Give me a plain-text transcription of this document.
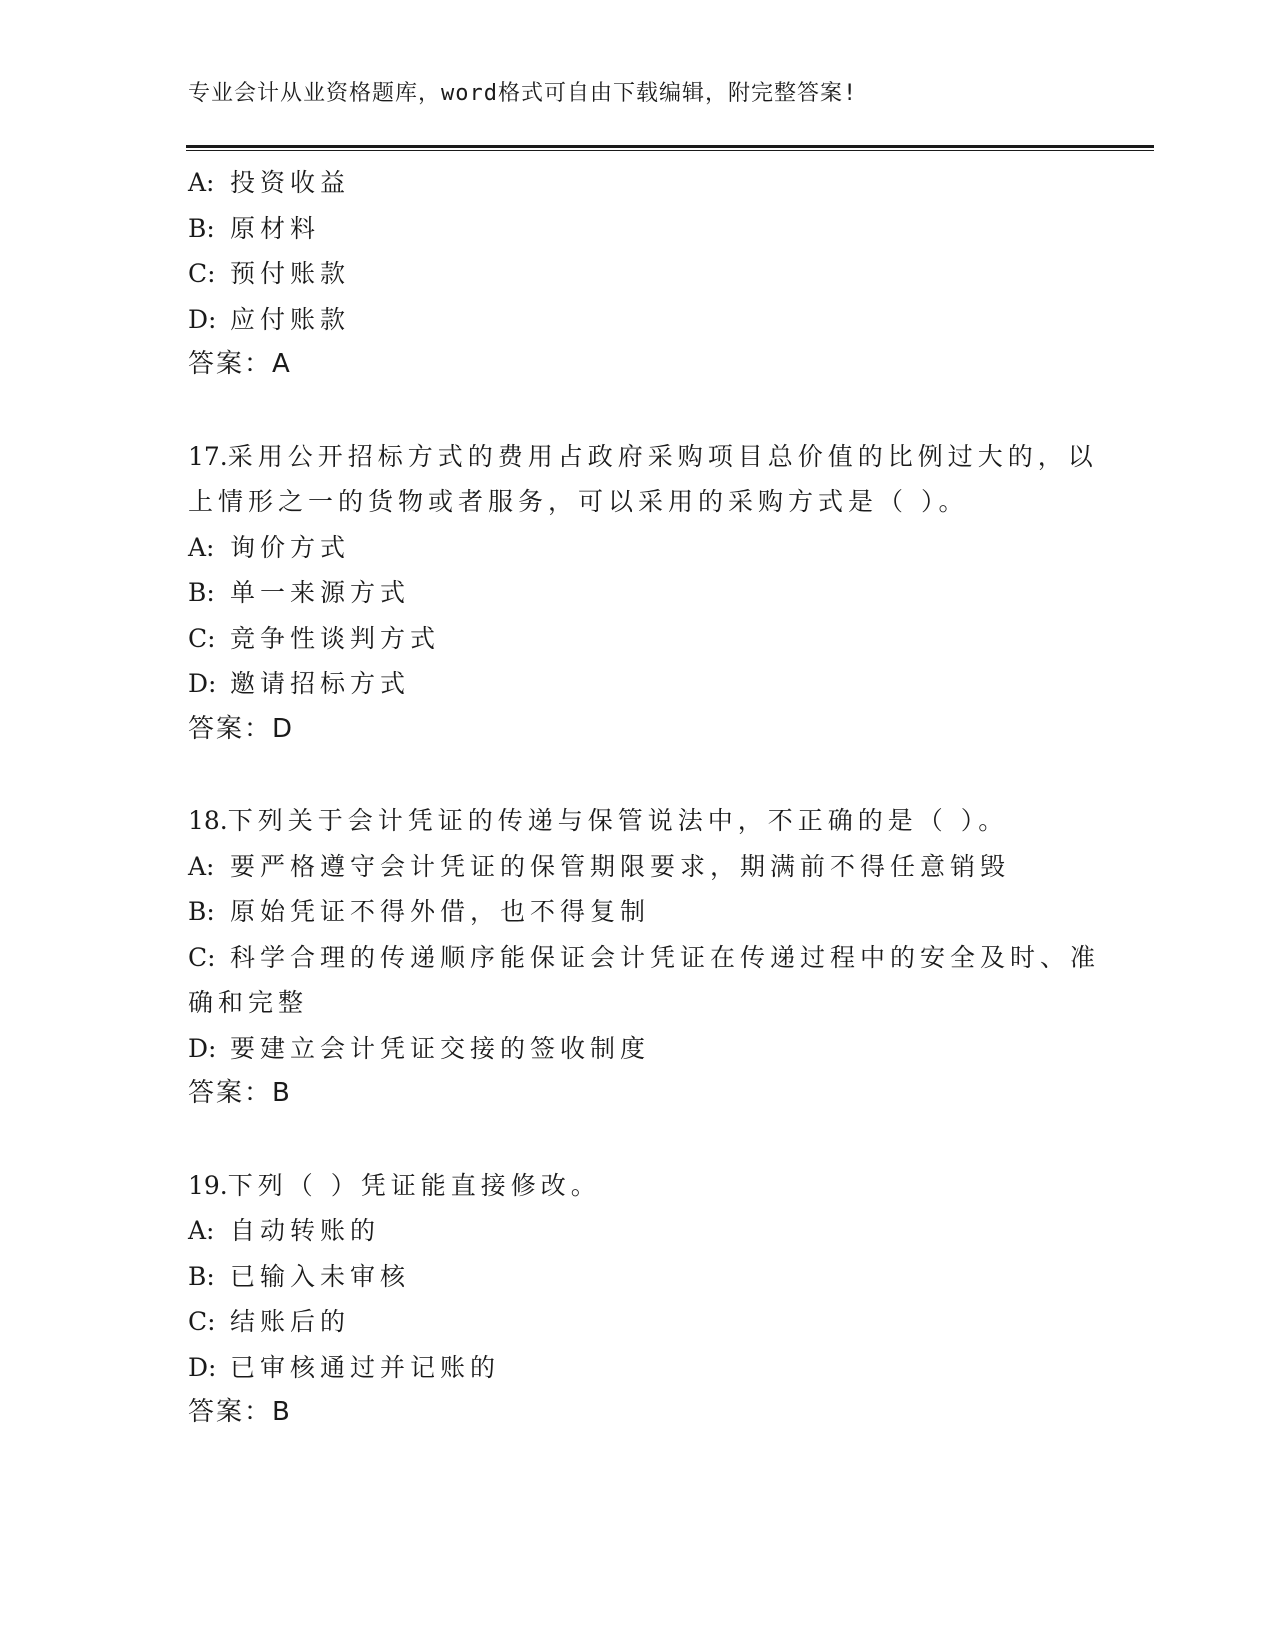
专业会计从业资格题库，word格式可自由下载编辑，附完整答案!
A: 投资收益
B: 原材料
C: 预付账款
D: 应付账款
答案：A
17.采用公开招标方式的费用占政府采购项目总价值的比例过大的，以
上情形之一的货物或者服务，可以采用的采购方式是（ ）。
A: 询价方式
B: 单一来源方式
C: 竞争性谈判方式
D: 邀请招标方式
答案：D
18.下列关于会计凭证的传递与保管说法中，不正确的是（ ）。
A: 要严格遵守会计凭证的保管期限要求，期满前不得任意销毁
B: 原始凭证不得外借，也不得复制
C: 科学合理的传递顺序能保证会计凭证在传递过程中的安全及时、准
确和完整
D: 要建立会计凭证交接的签收制度
答案：B
19.下列（ ）凭证能直接修改。
A: 自动转账的
B: 已输入未审核
C: 结账后的
D: 已审核通过并记账的
答案：B
